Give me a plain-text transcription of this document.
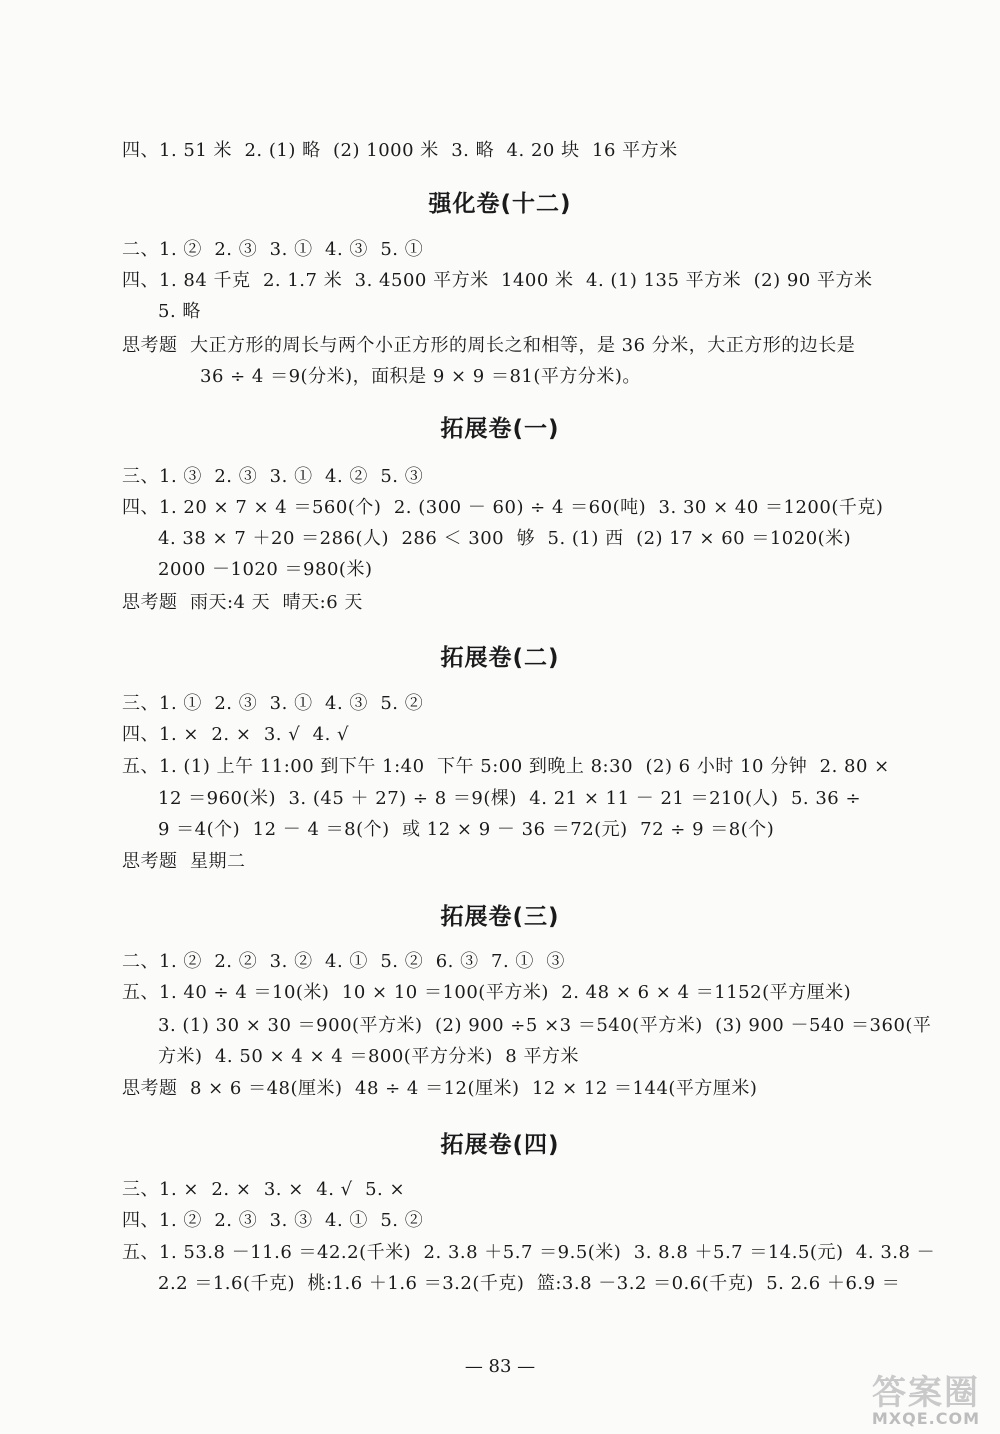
四、1. 51 米  2. (1) 略  (2) 1000 米  3. 略  4. 20 块  16 平方米
强化卷(十二)
二、1. ②  2. ③  3. ①  4. ③  5. ①
四、1. 84 千克  2. 1.7 米  3. 4500 平方米  1400 米  4. (1) 135 平方米  (2) 90 平方米
5. 略
思考题  大正方形的周长与两个小正方形的周长之和相等，是 36 分米，大正方形的边长是
36 ÷ 4 ＝9(分米)，面积是 9 × 9 ＝81(平方分米)。
拓展卷(一)
三、1. ③  2. ③  3. ①  4. ②  5. ③
四、1. 20 × 7 × 4 ＝560(个)  2. (300 － 60) ÷ 4 ＝60(吨)  3. 30 × 40 ＝1200(千克)
4. 38 × 7 ＋20 ＝286(人)  286 ＜ 300  够  5. (1) 西  (2) 17 × 60 ＝1020(米)
2000 －1020 ＝980(米)
思考题  雨天:4 天  晴天:6 天
拓展卷(二)
三、1. ①  2. ③  3. ①  4. ③  5. ②
四、1. ×  2. ×  3. √  4. √
五、1. (1) 上午 11:00 到下午 1:40  下午 5:00 到晚上 8:30  (2) 6 小时 10 分钟  2. 80 ×
12 ＝960(米)  3. (45 ＋ 27) ÷ 8 ＝9(棵)  4. 21 × 11 － 21 ＝210(人)  5. 36 ÷
9 ＝4(个)  12 － 4 ＝8(个)  或 12 × 9 － 36 ＝72(元)  72 ÷ 9 ＝8(个)
思考题  星期二
拓展卷(三)
二、1. ②  2. ②  3. ②  4. ①  5. ②  6. ③  7. ①  ③
五、1. 40 ÷ 4 ＝10(米)  10 × 10 ＝100(平方米)  2. 48 × 6 × 4 ＝1152(平方厘米)
3. (1) 30 × 30 ＝900(平方米)  (2) 900 ÷5 ×3 ＝540(平方米)  (3) 900 －540 ＝360(平
方米)  4. 50 × 4 × 4 ＝800(平方分米)  8 平方米
思考题  8 × 6 ＝48(厘米)  48 ÷ 4 ＝12(厘米)  12 × 12 ＝144(平方厘米)
拓展卷(四)
三、1. ×  2. ×  3. ×  4. √  5. ×
四、1. ②  2. ③  3. ③  4. ①  5. ②
五、1. 53.8 －11.6 ＝42.2(千米)  2. 3.8 ＋5.7 ＝9.5(米)  3. 8.8 ＋5.7 ＝14.5(元)  4. 3.8 －
2.2 ＝1.6(千克)  桃:1.6 ＋1.6 ＝3.2(千克)  篮:3.8 －3.2 ＝0.6(千克)  5. 2.6 ＋6.9 ＝
— 83 —
答案圈
MXQE.COM
